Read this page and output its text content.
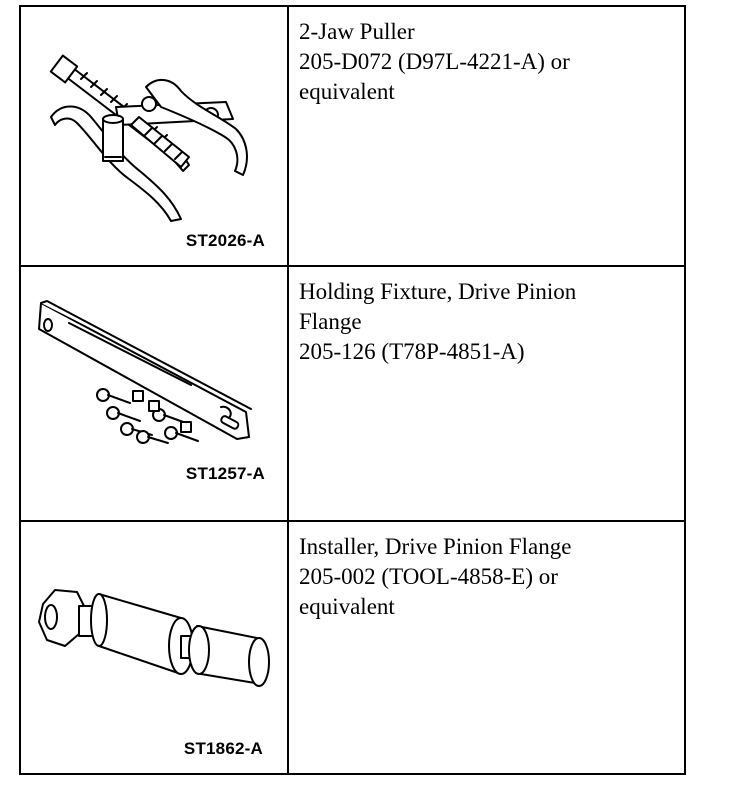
ST2026-A
2-Jaw Puller
205-D072 (D97L-4221-A) or
equivalent
ST1257-A
Holding Fixture, Drive Pinion
Flange
205-126 (T78P-4851-A)
ST1862-A
Installer, Drive Pinion Flange
205-002 (TOOL-4858-E) or
equivalent
